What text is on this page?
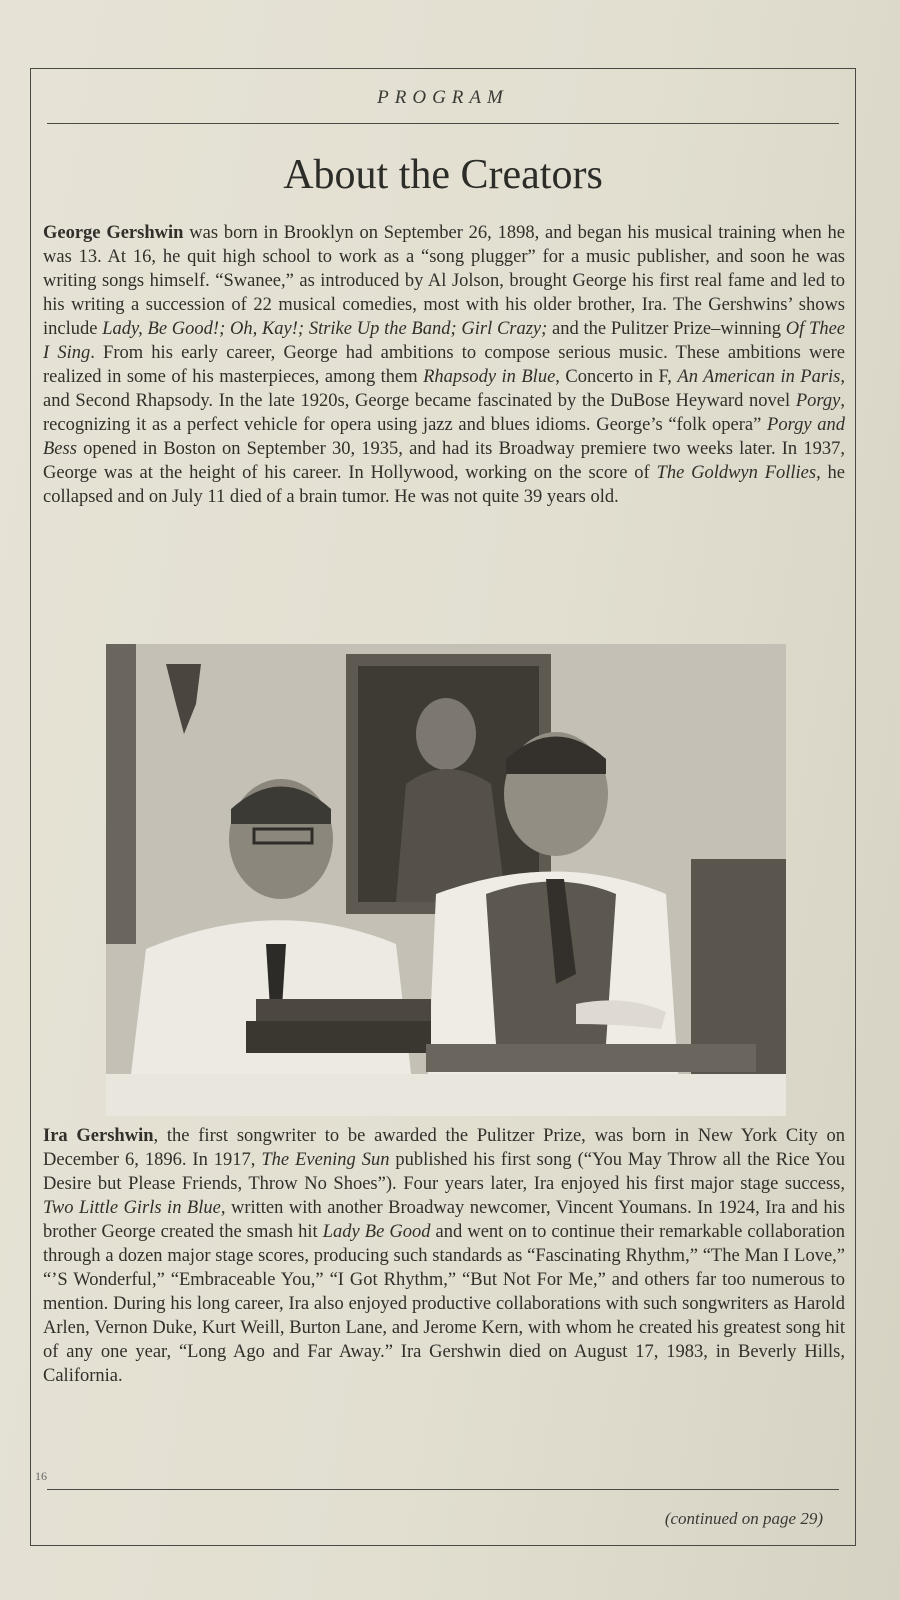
PROGRAM
About the Creators
George Gershwin was born in Brooklyn on September 26, 1898, and began his musical training when he was 13. At 16, he quit high school to work as a “song plugger” for a music publisher, and soon he was writing songs himself. “Swanee,” as introduced by Al Jolson, brought George his first real fame and led to his writing a succession of 22 musical comedies, most with his older brother, Ira. The Gershwins’ shows include Lady, Be Good!; Oh, Kay!; Strike Up the Band; Girl Crazy; and the Pulitzer Prize–winning Of Thee I Sing. From his early career, George had ambitions to compose serious music. These ambitions were realized in some of his masterpieces, among them Rhapsody in Blue, Concerto in F, An American in Paris, and Second Rhapsody. In the late 1920s, George became fascinated by the DuBose Heyward novel Porgy, recognizing it as a perfect vehicle for opera using jazz and blues idioms. George’s “folk opera” Porgy and Bess opened in Boston on September 30, 1935, and had its Broadway premiere two weeks later. In 1937, George was at the height of his career. In Hollywood, working on the score of The Goldwyn Follies, he collapsed and on July 11 died of a brain tumor. He was not quite 39 years old.
Ira Gershwin, the first songwriter to be awarded the Pulitzer Prize, was born in New York City on December 6, 1896. In 1917, The Evening Sun published his first song (“You May Throw all the Rice You Desire but Please Friends, Throw No Shoes”). Four years later, Ira enjoyed his first major stage success, Two Little Girls in Blue, written with another Broadway newcomer, Vincent Youmans. In 1924, Ira and his brother George created the smash hit Lady Be Good and went on to continue their remarkable collaboration through a dozen major stage scores, producing such standards as “Fascinating Rhythm,” “The Man I Love,” “’S Wonderful,” “Embraceable You,” “I Got Rhythm,” “But Not For Me,” and others far too numerous to mention. During his long career, Ira also enjoyed productive collaborations with such songwriters as Harold Arlen, Vernon Duke, Kurt Weill, Burton Lane, and Jerome Kern, with whom he created his greatest song hit of any one year, “Long Ago and Far Away.” Ira Gershwin died on August 17, 1983, in Beverly Hills, California.
16
(continued on page 29)
